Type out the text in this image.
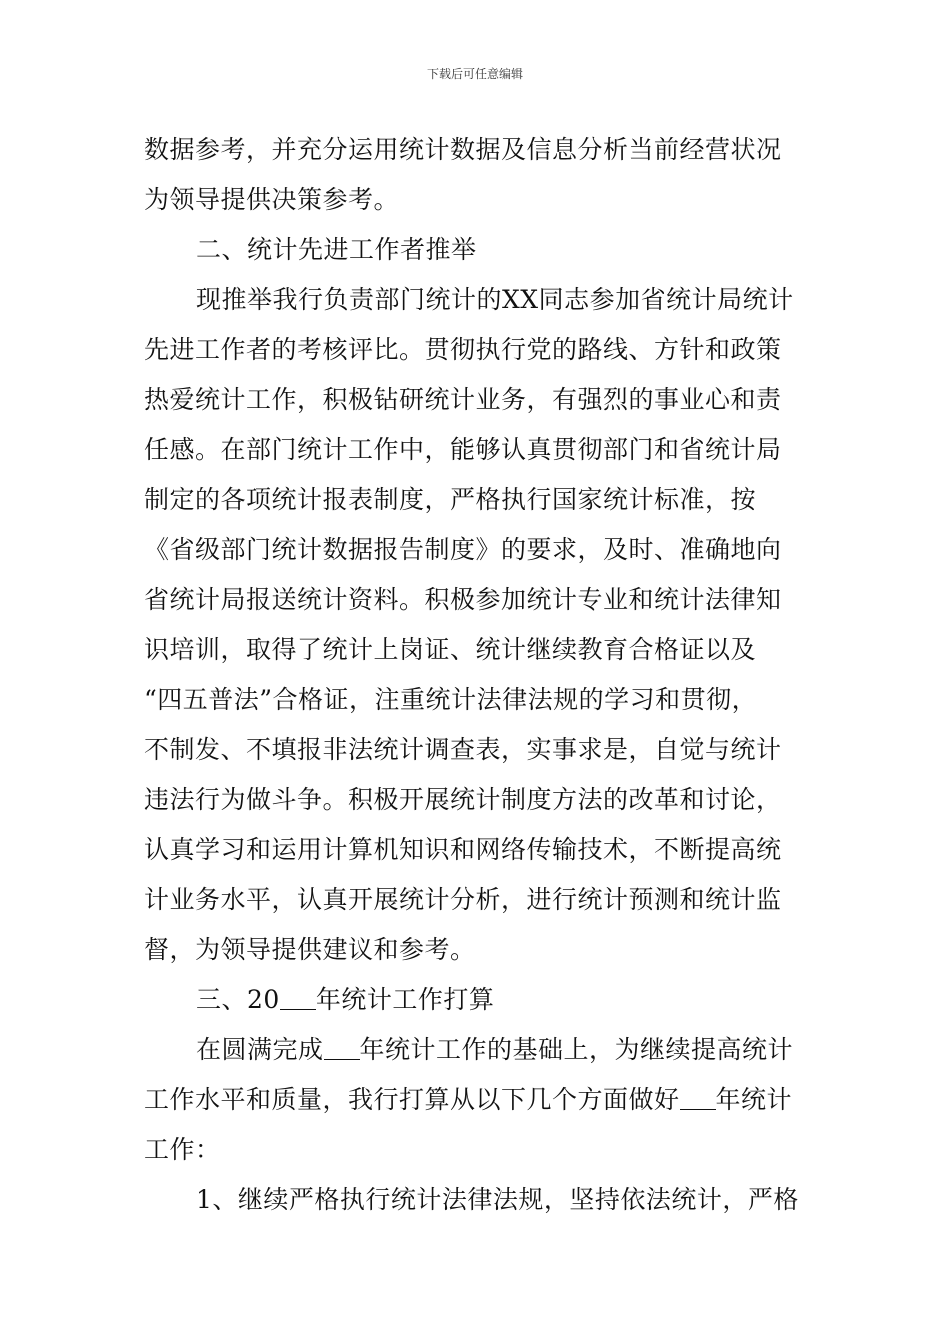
下载后可任意编辑
数据参考，并充分运用统计数据及信息分析当前经营状况
为领导提供决策参考。
二、统计先进工作者推举
现推举我行负责部门统计的XX同志参加省统计局统计
先进工作者的考核评比。贯彻执行党的路线、方针和政策
热爱统计工作，积极钻研统计业务，有强烈的事业心和责
任感。在部门统计工作中，能够认真贯彻部门和省统计局
制定的各项统计报表制度，严格执行国家统计标准，按
《省级部门统计数据报告制度》的要求，及时、准确地向
省统计局报送统计资料。积极参加统计专业和统计法律知
识培训，取得了统计上岗证、统计继续教育合格证以及
“四五普法”合格证，注重统计法律法规的学习和贯彻，
不制发、不填报非法统计调查表，实事求是，自觉与统计
违法行为做斗争。积极开展统计制度方法的改革和讨论，
认真学习和运用计算机知识和网络传输技术，不断提高统
计业务水平，认真开展统计分析，进行统计预测和统计监
督，为领导提供建议和参考。
三、20 年统计工作打算
在圆满完成 年统计工作的基础上，为继续提高统计
工作水平和质量，我行打算从以下几个方面做好 年统计
工作：
1、继续严格执行统计法律法规，坚持依法统计，严格
